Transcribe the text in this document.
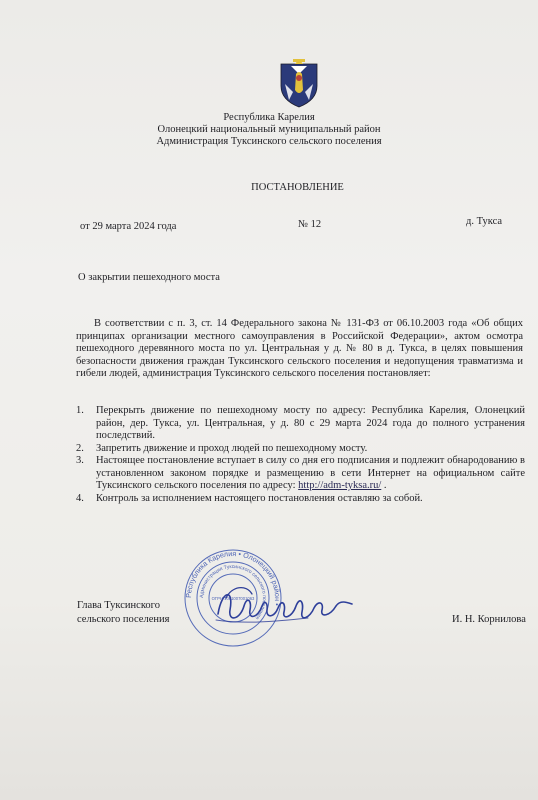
Республика Карелия
Олонецкий национальный муниципальный район
Администрация Туксинского сельского поселения
ПОСТАНОВЛЕНИЕ
от 29 марта 2024 года	№ 12	д. Тукса
О закрытии пешеходного моста
В соответствии с п. 3, ст. 14 Федерального закона № 131-ФЗ от 06.10.2003 года «Об общих принципах организации местного самоуправления в Российской Федерации», актом осмотра пешеходного деревянного моста по ул. Центральная у д. № 80 в д. Тукса, в целях повышения безопасности движения граждан Туксинского сельского поселения и недопущения травматизма и гибели людей, администрация Туксинского сельского поселения постановляет:
1. Перекрыть движение по пешеходному мосту по адресу: Республика Карелия, Олонецкий район, дер. Тукса, ул. Центральная, у д. 80 с 29 марта 2024 года до полного устранения последствий.
2. Запретить движение и проход людей по пешеходному мосту.
3. Настоящее постановление вступает в силу со дня его подписания и подлежит обнародованию в установленном законом порядке и размещению в сети Интернет на официальном сайте Туксинского сельского поселения по адресу: http://adm-tyksa.ru/ .
4. Контроль за исполнением настоящего постановления оставляю за собой.
Республика Карелия • Олонецкий район •
Администрация Туксинского сельского поселения
ОГРН 1061007001063
Глава Туксинского
сельского поселения	И. Н. Корнилова
